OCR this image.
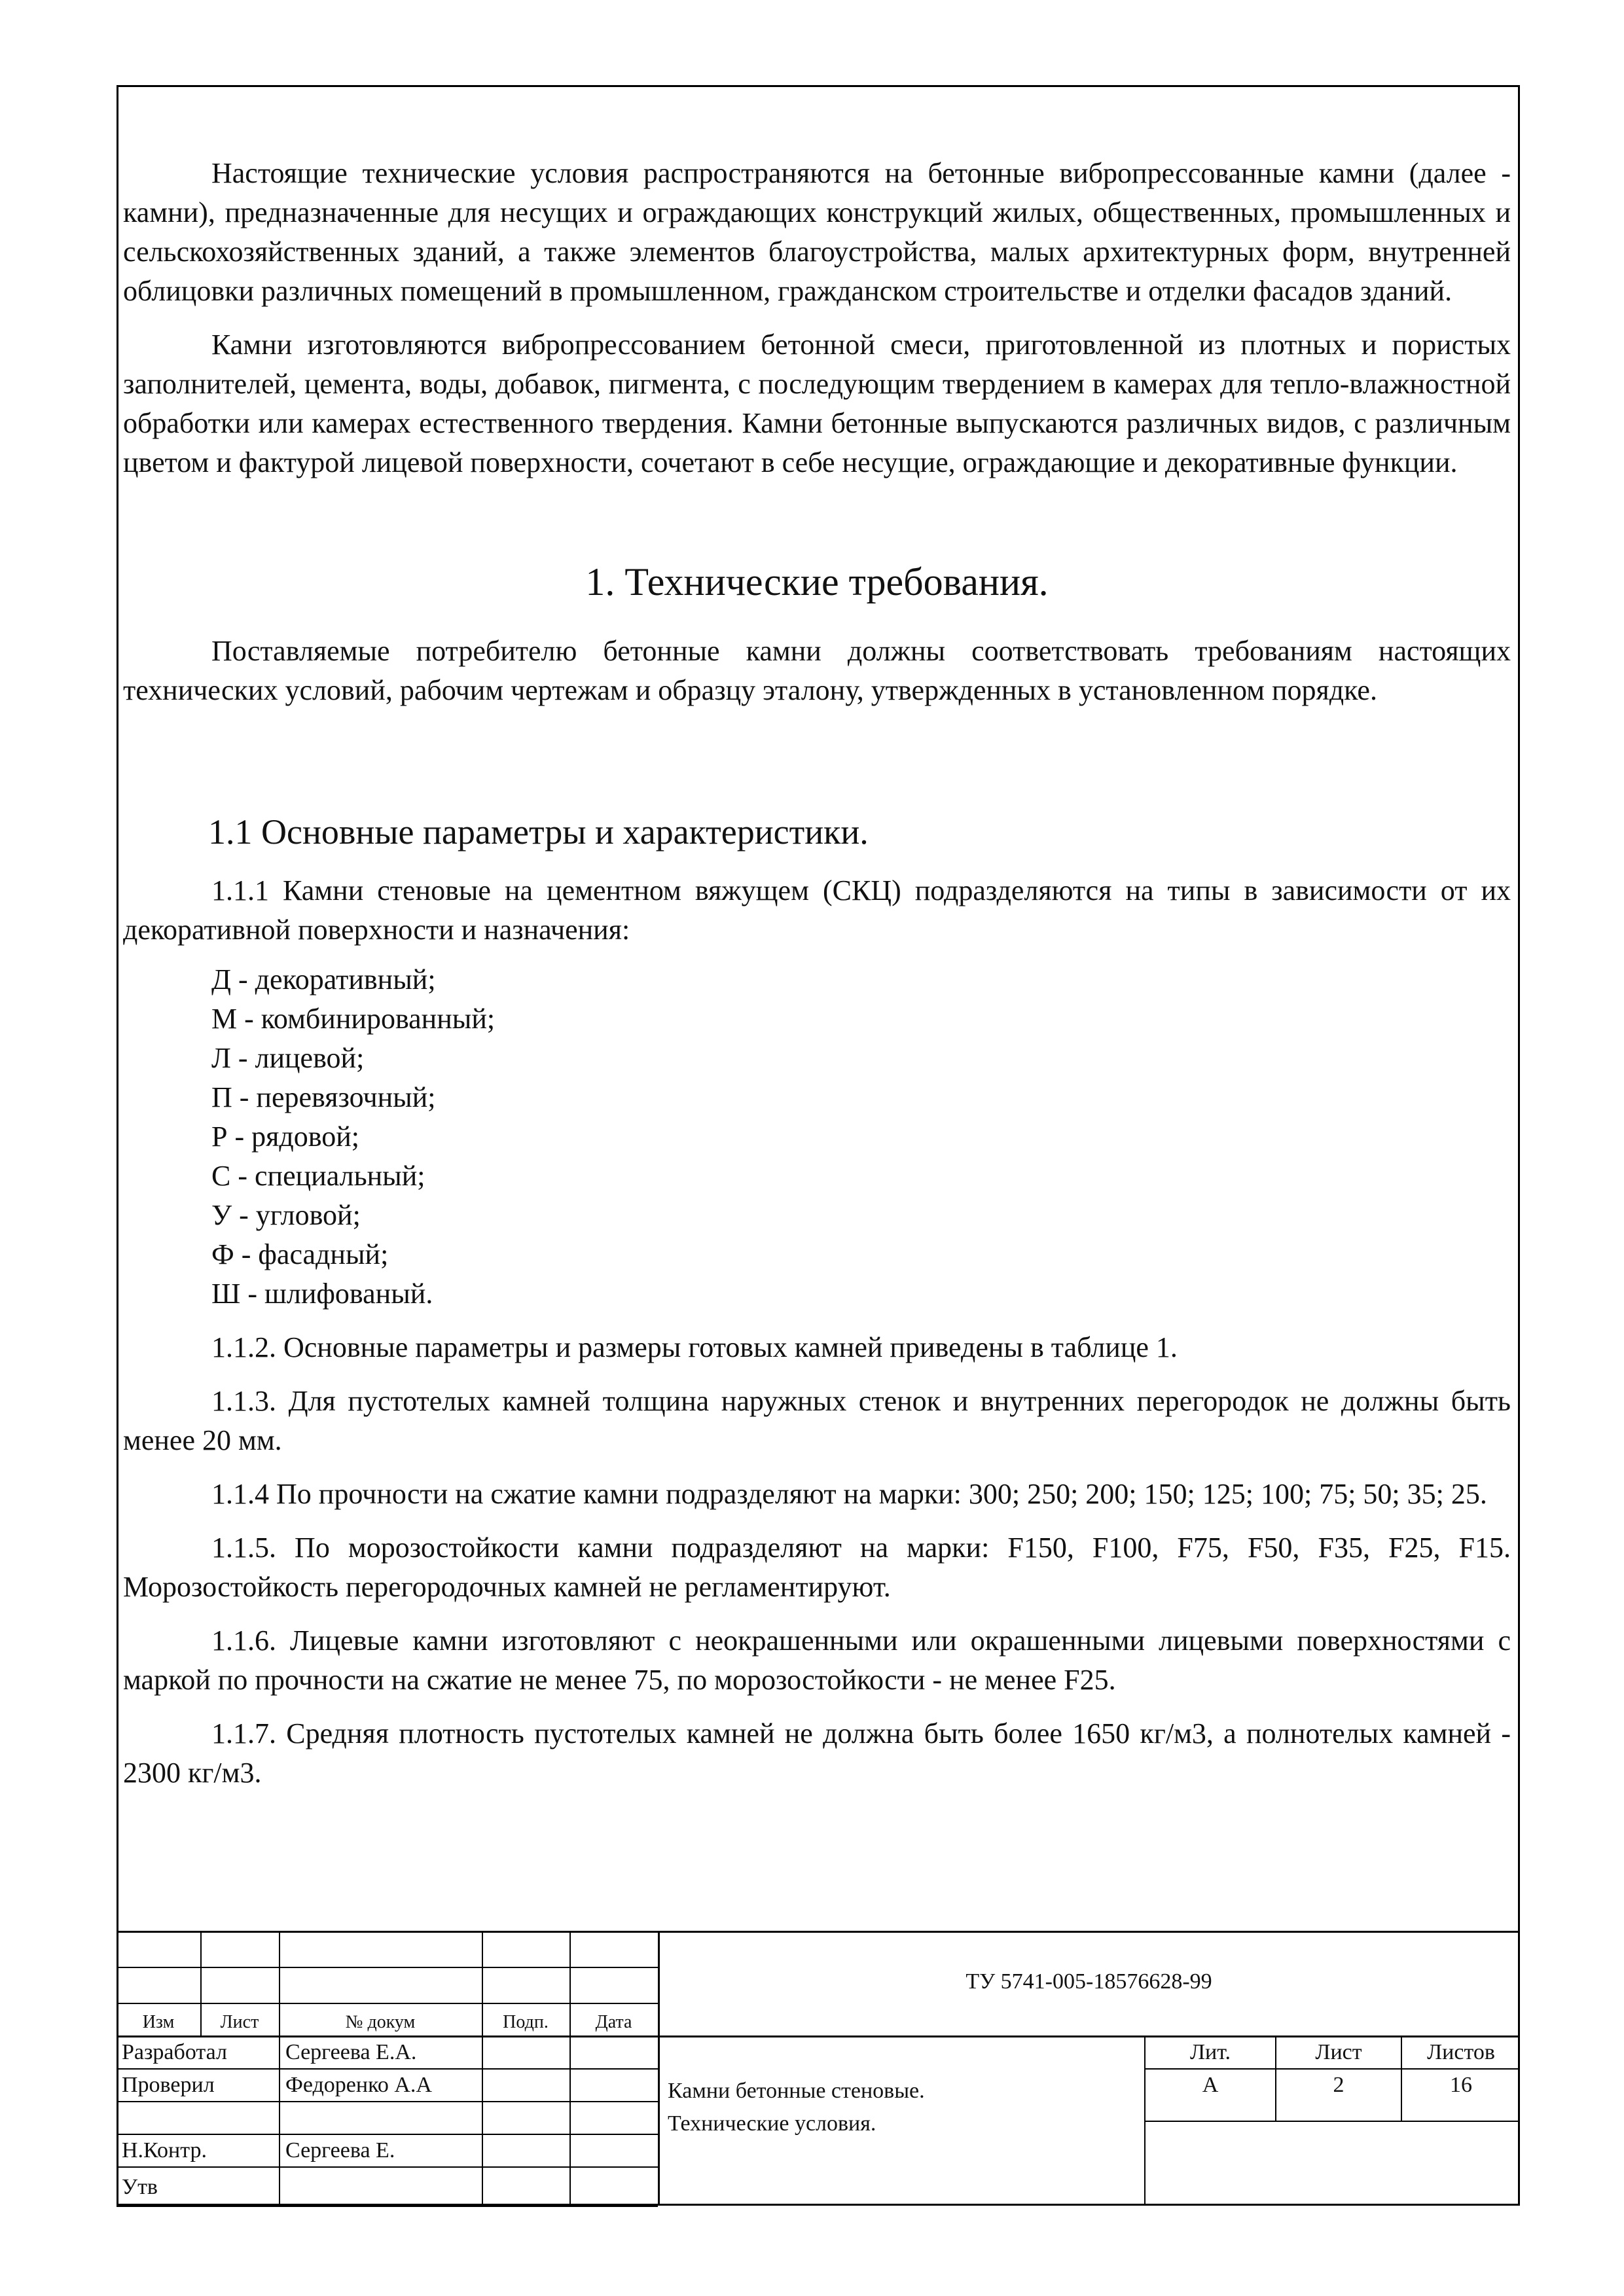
Настоящие технические условия распространяются на бетонные вибропрессованные камни (далее - камни), предназначенные для несущих и ограждающих конструкций жилых, общественных, промышленных и сельскохозяйственных зданий, а также элементов благоустройства, малых архитектурных форм, внутренней облицовки различных помещений в промышленном, гражданском строительстве и отделки фасадов зданий.

Камни изготовляются вибропрессованием бетонной смеси, приготовленной из плотных и пористых заполнителей, цемента, воды, добавок, пигмента, с последующим твердением в камерах для тепло-влажностной обработки или камерах естественного твердения. Камни бетонные выпускаются различных видов, с различным цветом и фактурой лицевой поверхности, сочетают в себе несущие, ограждающие и декоративные функции.

1. Технические требования.

Поставляемые потребителю бетонные камни должны соответствовать требованиям настоящих технических условий, рабочим чертежам и образцу эталону, утвержденных в установленном порядке.

1.1 Основные параметры и характеристики.

1.1.1 Камни стеновые на цементном вяжущем (СКЦ) подразделяются на типы в зависимости от их декоративной поверхности и назначения:

Д - декоративный;
М - комбинированный;
Л - лицевой;
П - перевязочный;
Р - рядовой;
С - специальный;
У - угловой;
Ф - фасадный;
Ш - шлифованый.

1.1.2. Основные параметры и размеры готовых камней приведены в таблице 1.

1.1.3. Для пустотелых камней толщина наружных стенок и внутренних перегородок не должны быть менее 20 мм.

1.1.4 По прочности на сжатие камни подразделяют на марки: 300; 250; 200; 150; 125; 100; 75; 50; 35; 25.

1.1.5. По морозостойкости камни подразделяют на марки: F150, F100, F75, F50, F35, F25, F15. Морозостойкость перегородочных камней не регламентируют.

1.1.6. Лицевые камни изготовляют с неокрашенными или окрашенными лицевыми поверхностями с маркой по прочности на сжатие не менее 75, по морозостойкости - не менее F25.

1.1.7. Средняя плотность пустотелых камней не должна быть более 1650 кг/м3, а полнотелых камней - 2300 кг/м3.

ТУ 5741-005-18576628-99
Изм	Лист	№ докум	Подп.	Дата
Разработал	Сергеева Е.А.
Проверил	Федоренко А.А
Н.Контр.	Сергеева Е.
Утв
Камни бетонные стеновые.
Технические условия.
Лит.	Лист	Листов
А	2	16
